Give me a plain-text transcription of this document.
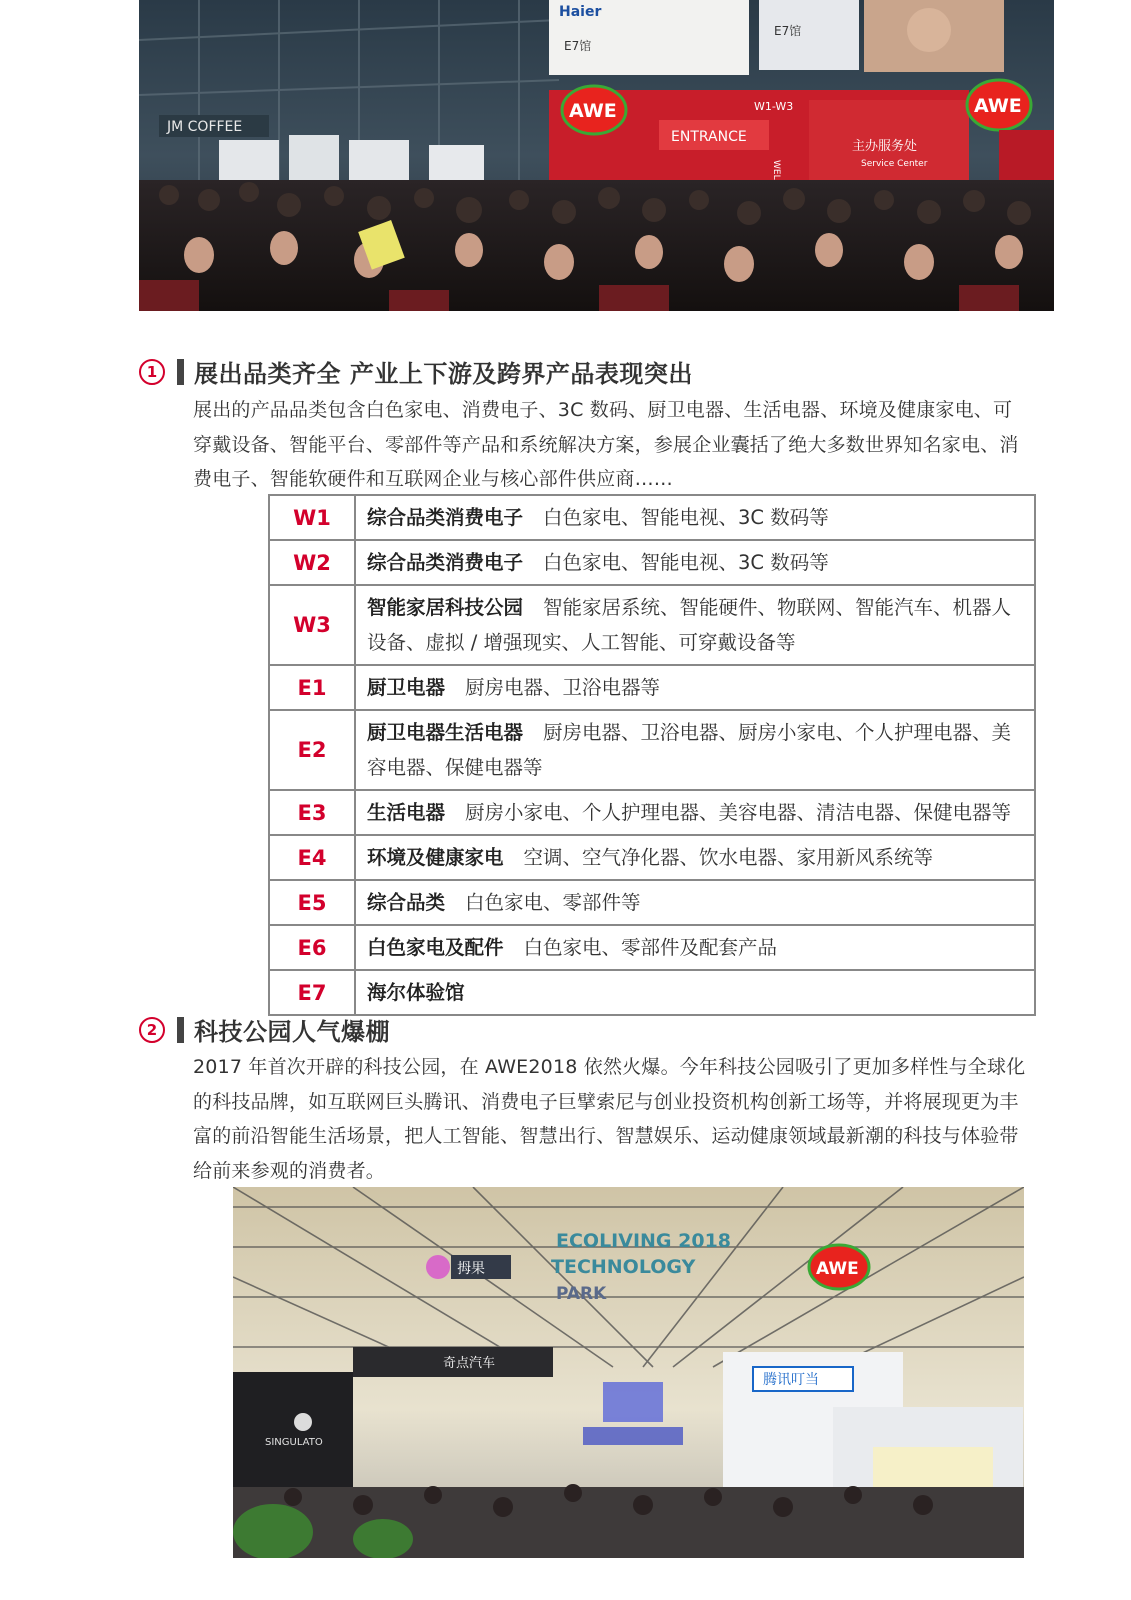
Haier
E7馆
E7馆
JM COFFEE
ENTRANCE
W1-W3
主办服务处
Service Center
AWE	AWE
1	展出品类齐全 产业上下游及跨界产品表现突出

展出的产品品类包含白色家电、消费电子、3C 数码、厨卫电器、生活电器、环境及健康家电、可穿戴设备、智能平台、零部件等产品和系统解决方案，参展企业囊括了绝大多数世界知名家电、消费电子、智能软硬件和互联网企业与核心部件供应商……

W1	综合品类消费电子 白色家电、智能电视、3C 数码等
W2	综合品类消费电子 白色家电、智能电视、3C 数码等
W3	智能家居科技公园 智能家居系统、智能硬件、物联网、智能汽车、机器人设备、虚拟 / 增强现实、人工智能、可穿戴设备等
E1	厨卫电器 厨房电器、卫浴电器等
E2	厨卫电器生活电器 厨房电器、卫浴电器、厨房小家电、个人护理电器、美容电器、保健电器等
E3	生活电器 厨房小家电、个人护理电器、美容电器、清洁电器、保健电器等
E4	环境及健康家电 空调、空气净化器、饮水电器、家用新风系统等
E5	综合品类 白色家电、零部件等
E6	白色家电及配件 白色家电、零部件及配套产品
E7	海尔体验馆
2	科技公园人气爆棚

2017 年首次开辟的科技公园，在 AWE2018 依然火爆。今年科技公园吸引了更加多样性与全球化的科技品牌，如互联网巨头腾讯、消费电子巨擘索尼与创业投资机构创新工场等，并将展现更为丰富的前沿智能生活场景，把人工智能、智慧出行、智慧娱乐、运动健康领域最新潮的科技与体验带给前来参观的消费者。

ECOLIVING 2018
TECHNOLOGY
PARK
拇果	AWE
奇点汽车
SINGULATO
腾讯叮当
